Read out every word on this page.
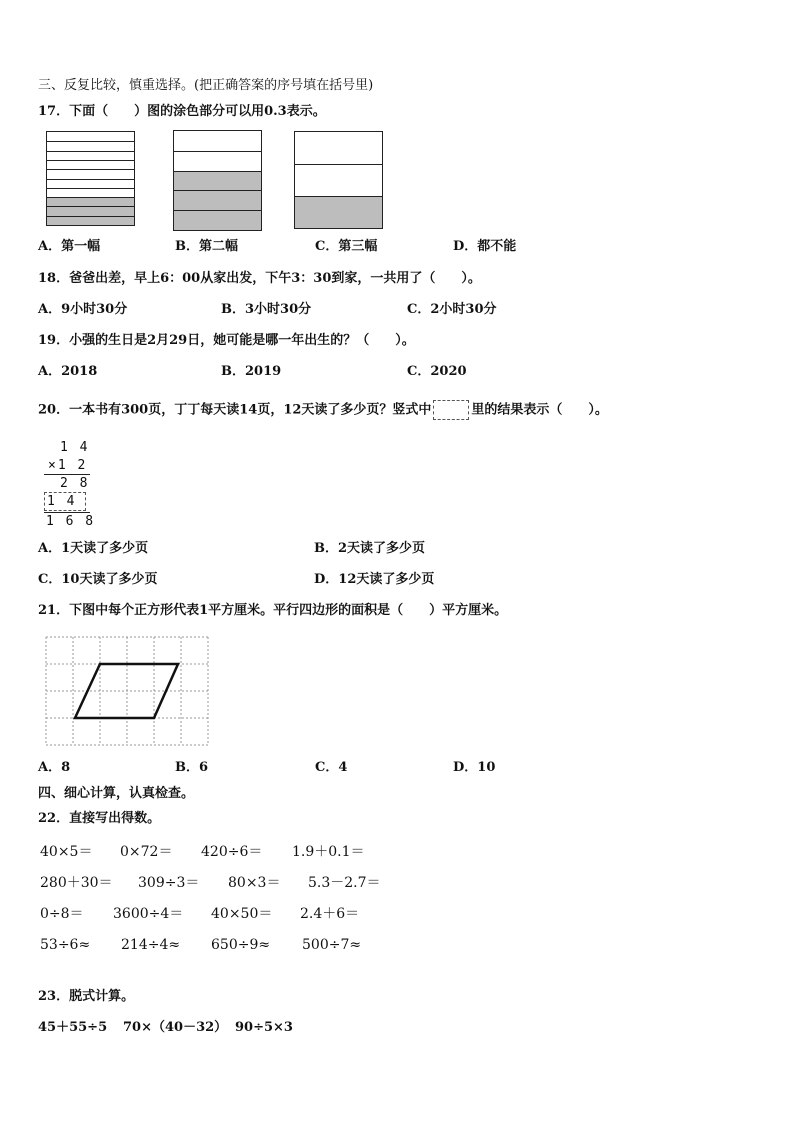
三、反复比较，慎重选择。(把正确答案的序号填在括号里)
17．下面（　　）图的涂色部分可以用0.3表示。
A．第一幅	B．第二幅	C．第三幅	D．都不能
18．爸爸出差，早上6：00从家出发，下午3：30到家，一共用了（　　）。
A．9小时30分	B．3小时30分	C．2小时30分
19．小强的生日是2月29日，她可能是哪一年出生的？（　　）。
A．2018	B．2019	C．2020
20．一本书有300页，丁丁每天读14页，12天读了多少页？竖式中	里的结果表示（　　）。
1 4
×1 2
2 8
1 4
1 6 8
A．1天读了多少页	B．2天读了多少页
C．10天读了多少页	D．12天读了多少页
21．下图中每个正方形代表1平方厘米。平行四边形的面积是（　　）平方厘米。
A．8	B．6	C．4	D．10
四、细心计算，认真检查。
22．直接写出得数。
40×5＝ 0×72＝ 420÷6＝ 1.9＋0.1＝
280＋30＝ 309÷3＝ 80×3＝ 5.3－2.7＝
0÷8＝ 3600÷4＝ 40×50＝ 2.4＋6＝
53÷6≈ 214÷4≈ 650÷9≈ 500÷7≈
23．脱式计算。
45＋55÷5 70×（40－32） 90÷5×3
